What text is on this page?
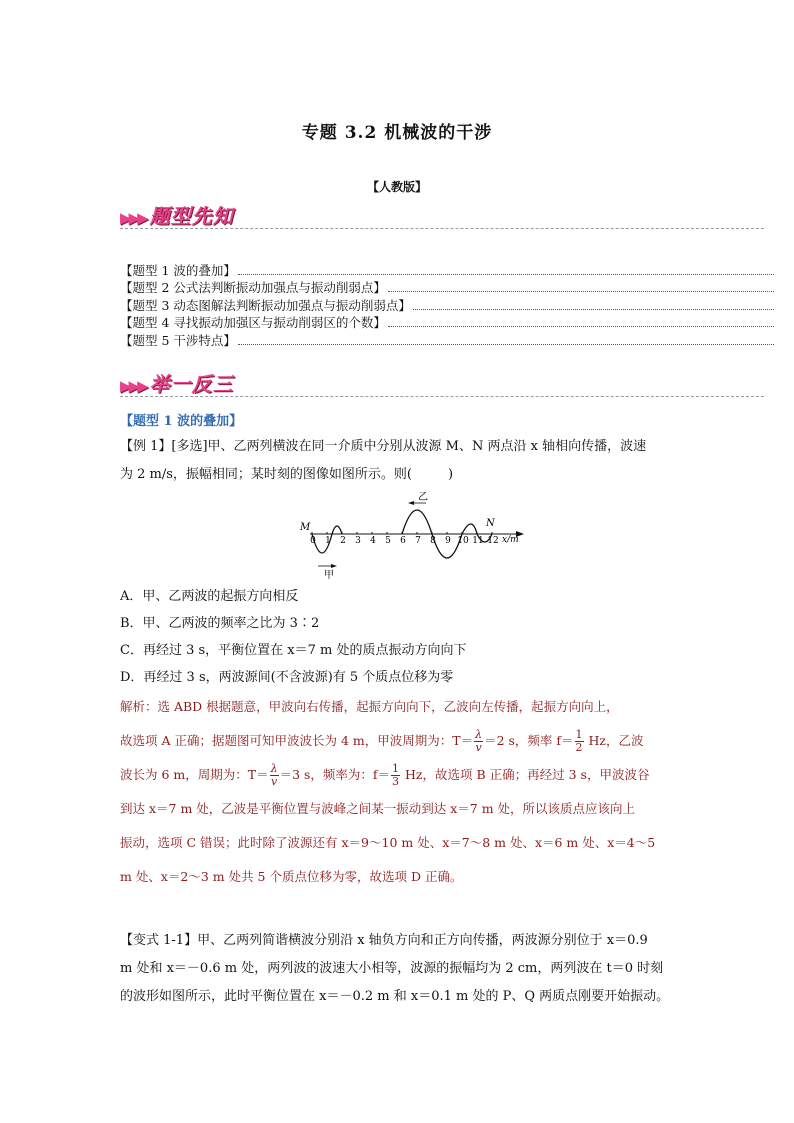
专题 3.2 机械波的干涉
【人教版】
▶▶▶ 题型先知
【题型 1 波的叠加】
【题型 2 公式法判断振动加强点与振动削弱点】
【题型 3 动态图解法判断振动加强点与振动削弱点】
【题型 4 寻找振动加强区与振动削弱区的个数】
【题型 5 干涉特点】
▶▶▶ 举一反三
【题型 1 波的叠加】
【例 1】[多选]甲、乙两列横波在同一介质中分别从波源 M、N 两点沿 x 轴相向传播，波速
为 2 m/s，振幅相同；某时刻的图像如图所示。则(	)
M	N
乙
甲
0 1 2 3 4 5 6 7 8 9 10 11 12 x/m
A．甲、乙两波的起振方向相反
B．甲、乙两波的频率之比为 3∶2
C．再经过 3 s，平衡位置在 x＝7 m 处的质点振动方向向下
D．再经过 3 s，两波源间(不含波源)有 5 个质点位移为零
解析：选 ABD 根据题意，甲波向右传播，起振方向向下，乙波向左传播，起振方向向上，
故选项 A 正确；据题图可知甲波波长为 4 m，甲波周期为：$T= \frac{\lambda}{v} =2$ s，频率 $f= \frac{1}{2}$ Hz，乙波
波长为 6 m，周期为：$T= \frac{\lambda}{v} =3$ s，频率为：$f= \frac{1}{3}$ Hz，故选项 B 正确；再经过 3 s，甲波波谷
到达 x＝7 m 处，乙波是平衡位置与波峰之间某一振动到达 x＝7 m 处，所以该质点应该向上
振动，选项 C 错误；此时除了波源还有 x＝9～10 m 处、x＝7～8 m 处、x＝6 m 处、x＝4～5
m 处、x＝2～3 m 处共 5 个质点位移为零，故选项 D 正确。
【变式 1-1】甲、乙两列简谐横波分别沿 x 轴负方向和正方向传播，两波源分别位于 x＝0.9
m 处和 x＝－0.6 m 处，两列波的波速大小相等，波源的振幅均为 2 cm，两列波在 t＝0 时刻
的波形如图所示，此时平衡位置在 x＝－0.2 m 和 x＝0.1 m 处的 P、Q 两质点刚要开始振动。
